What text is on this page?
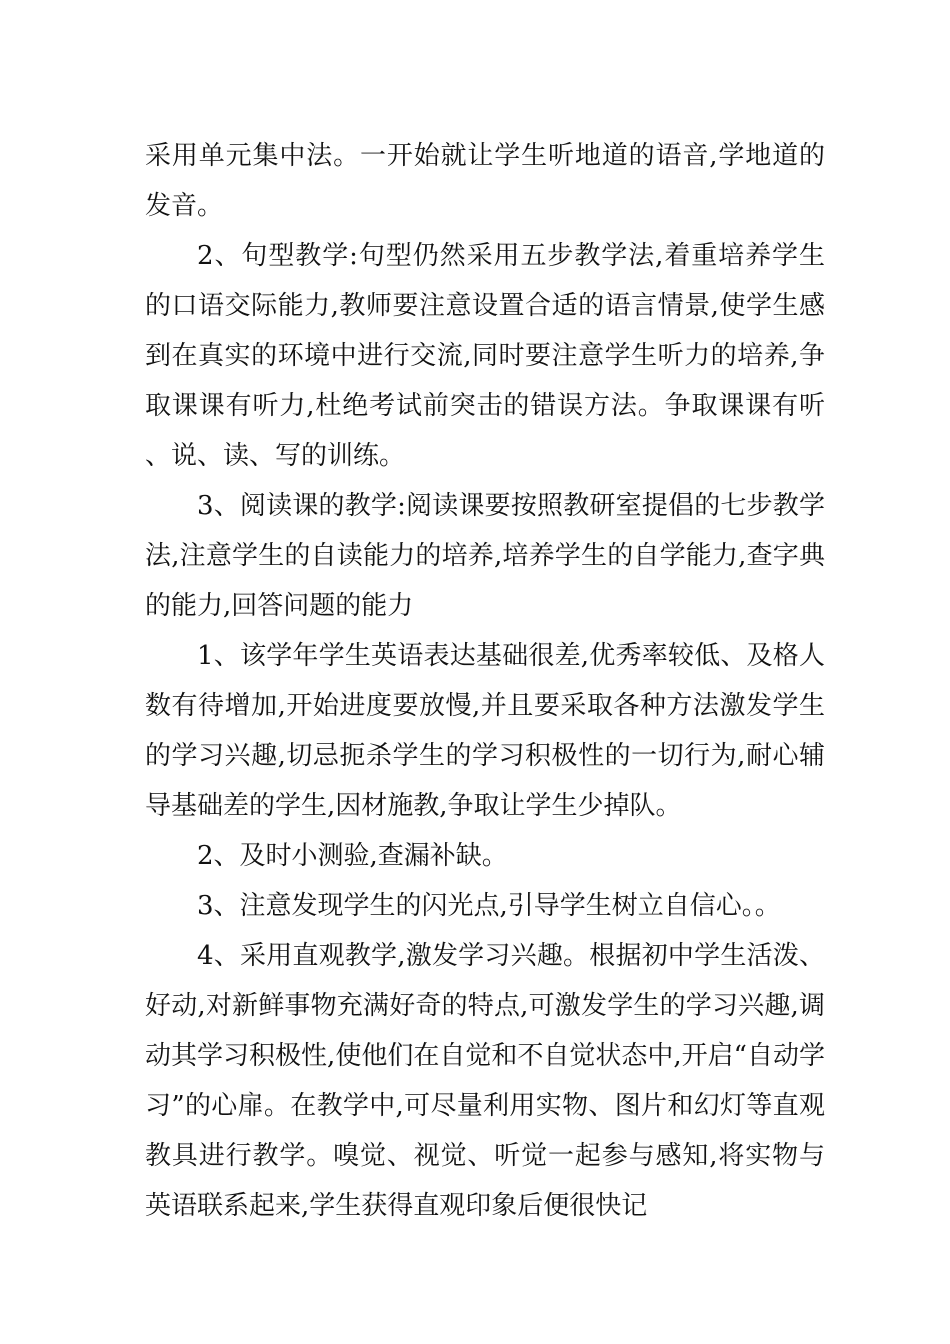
采用单元集中法。一开始就让学生听地道的语音,学地道的发音。

2、句型教学:句型仍然采用五步教学法,着重培养学生的口语交际能力,教师要注意设置合适的语言情景,使学生感到在真实的环境中进行交流,同时要注意学生听力的培养,争取课课有听力,杜绝考试前突击的错误方法。争取课课有听、说、读、写的训练。

3、阅读课的教学:阅读课要按照教研室提倡的七步教学法,注意学生的自读能力的培养,培养学生的自学能力,查字典的能力,回答问题的能力

1、该学年学生英语表达基础很差,优秀率较低、及格人数有待增加,开始进度要放慢,并且要采取各种方法激发学生的学习兴趣,切忌扼杀学生的学习积极性的一切行为,耐心辅导基础差的学生,因材施教,争取让学生少掉队。

2、及时小测验,查漏补缺。

3、注意发现学生的闪光点,引导学生树立自信心。。

4、采用直观教学,激发学习兴趣。根据初中学生活泼、好动,对新鲜事物充满好奇的特点,可激发学生的学习兴趣,调动其学习积极性,使他们在自觉和不自觉状态中,开启“自动学习”的心扉。在教学中,可尽量利用实物、图片和幻灯等直观教具进行教学。嗅觉、视觉、听觉一起参与感知,将实物与英语联系起来,学生获得直观印象后便很快记
